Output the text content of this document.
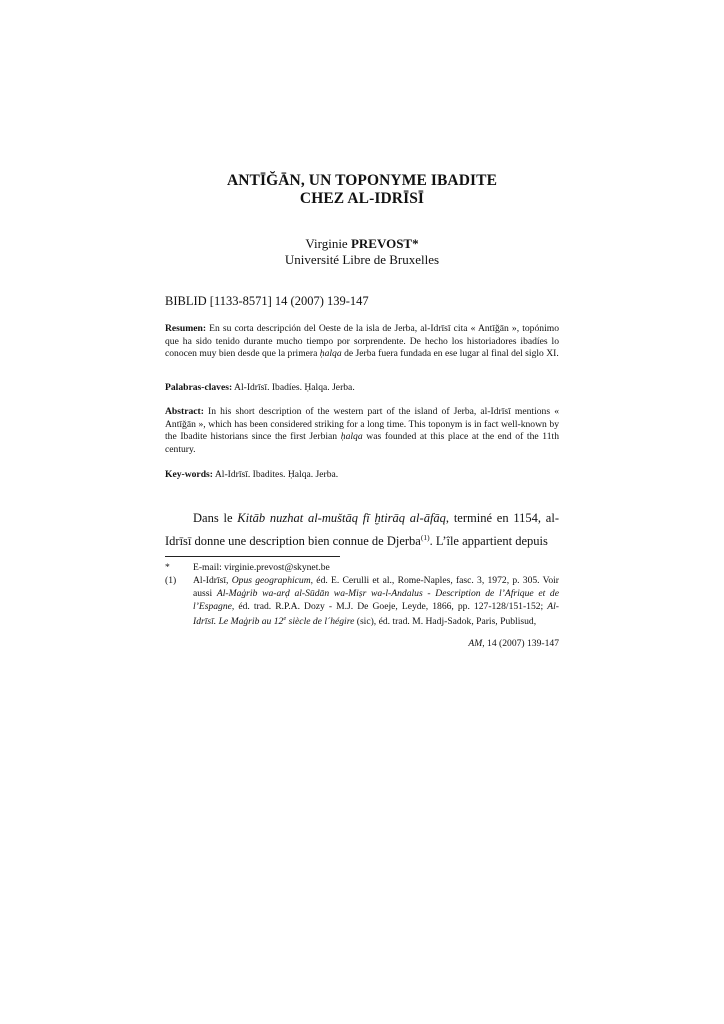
ANTĪĞĀN, UN TOPONYME IBADITE
CHEZ AL-IDRĪSĪ
Virginie PREVOST*
Université Libre de Bruxelles
BIBLID [1133-8571] 14 (2007) 139-147
Resumen: En su corta descripción del Oeste de la isla de Jerba, al-Idrīsī cita « Antīğān », topónimo que ha sido tenido durante mucho tiempo por sorprendente. De hecho los historiadores ibadíes lo conocen muy bien desde que la primera ḥalqa de Jerba fuera fundada en ese lugar al final del siglo XI.
Palabras-claves: Al-Idrīsī. Ibadíes. Ḥalqa. Jerba.
Abstract: In his short description of the western part of the island of Jerba, al-Idrīsī mentions « Antīğān », which has been considered striking for a long time. This toponym is in fact well-known by the Ibadite historians since the first Jerbian ḥalqa was founded at this place at the end of the 11th century.
Key-words: Al-Idrīsī. Ibadites. Ḥalqa. Jerba.
Dans le Kitāb nuzhat al-muštāq fī ḫtirāq al-āfāq, terminé en 1154, al-Idrīsī donne une description bien connue de Djerba$^{(1)}$. L’île appartient depuis
*	E-mail: virginie.prevost@skynet.be
(1)	Al-Idrīsī, Opus geographicum, éd. E. Cerulli et al., Rome-Naples, fasc. 3, 1972, p. 305. Voir aussi Al-Maġrib wa-arḍ al-Sūdān wa-Miṣr wa-l-Andalus - Description de l’Afrique et de l’Espagne, éd. trad. R.P.A. Dozy - M.J. De Goeje, Leyde, 1866, pp. 127-128/151-152; Al-Idrīsī. Le Maġrib au 12e siècle de l´hégire (sic), éd. trad. M. Hadj-Sadok, Paris, Publisud,
AM, 14 (2007) 139-147
